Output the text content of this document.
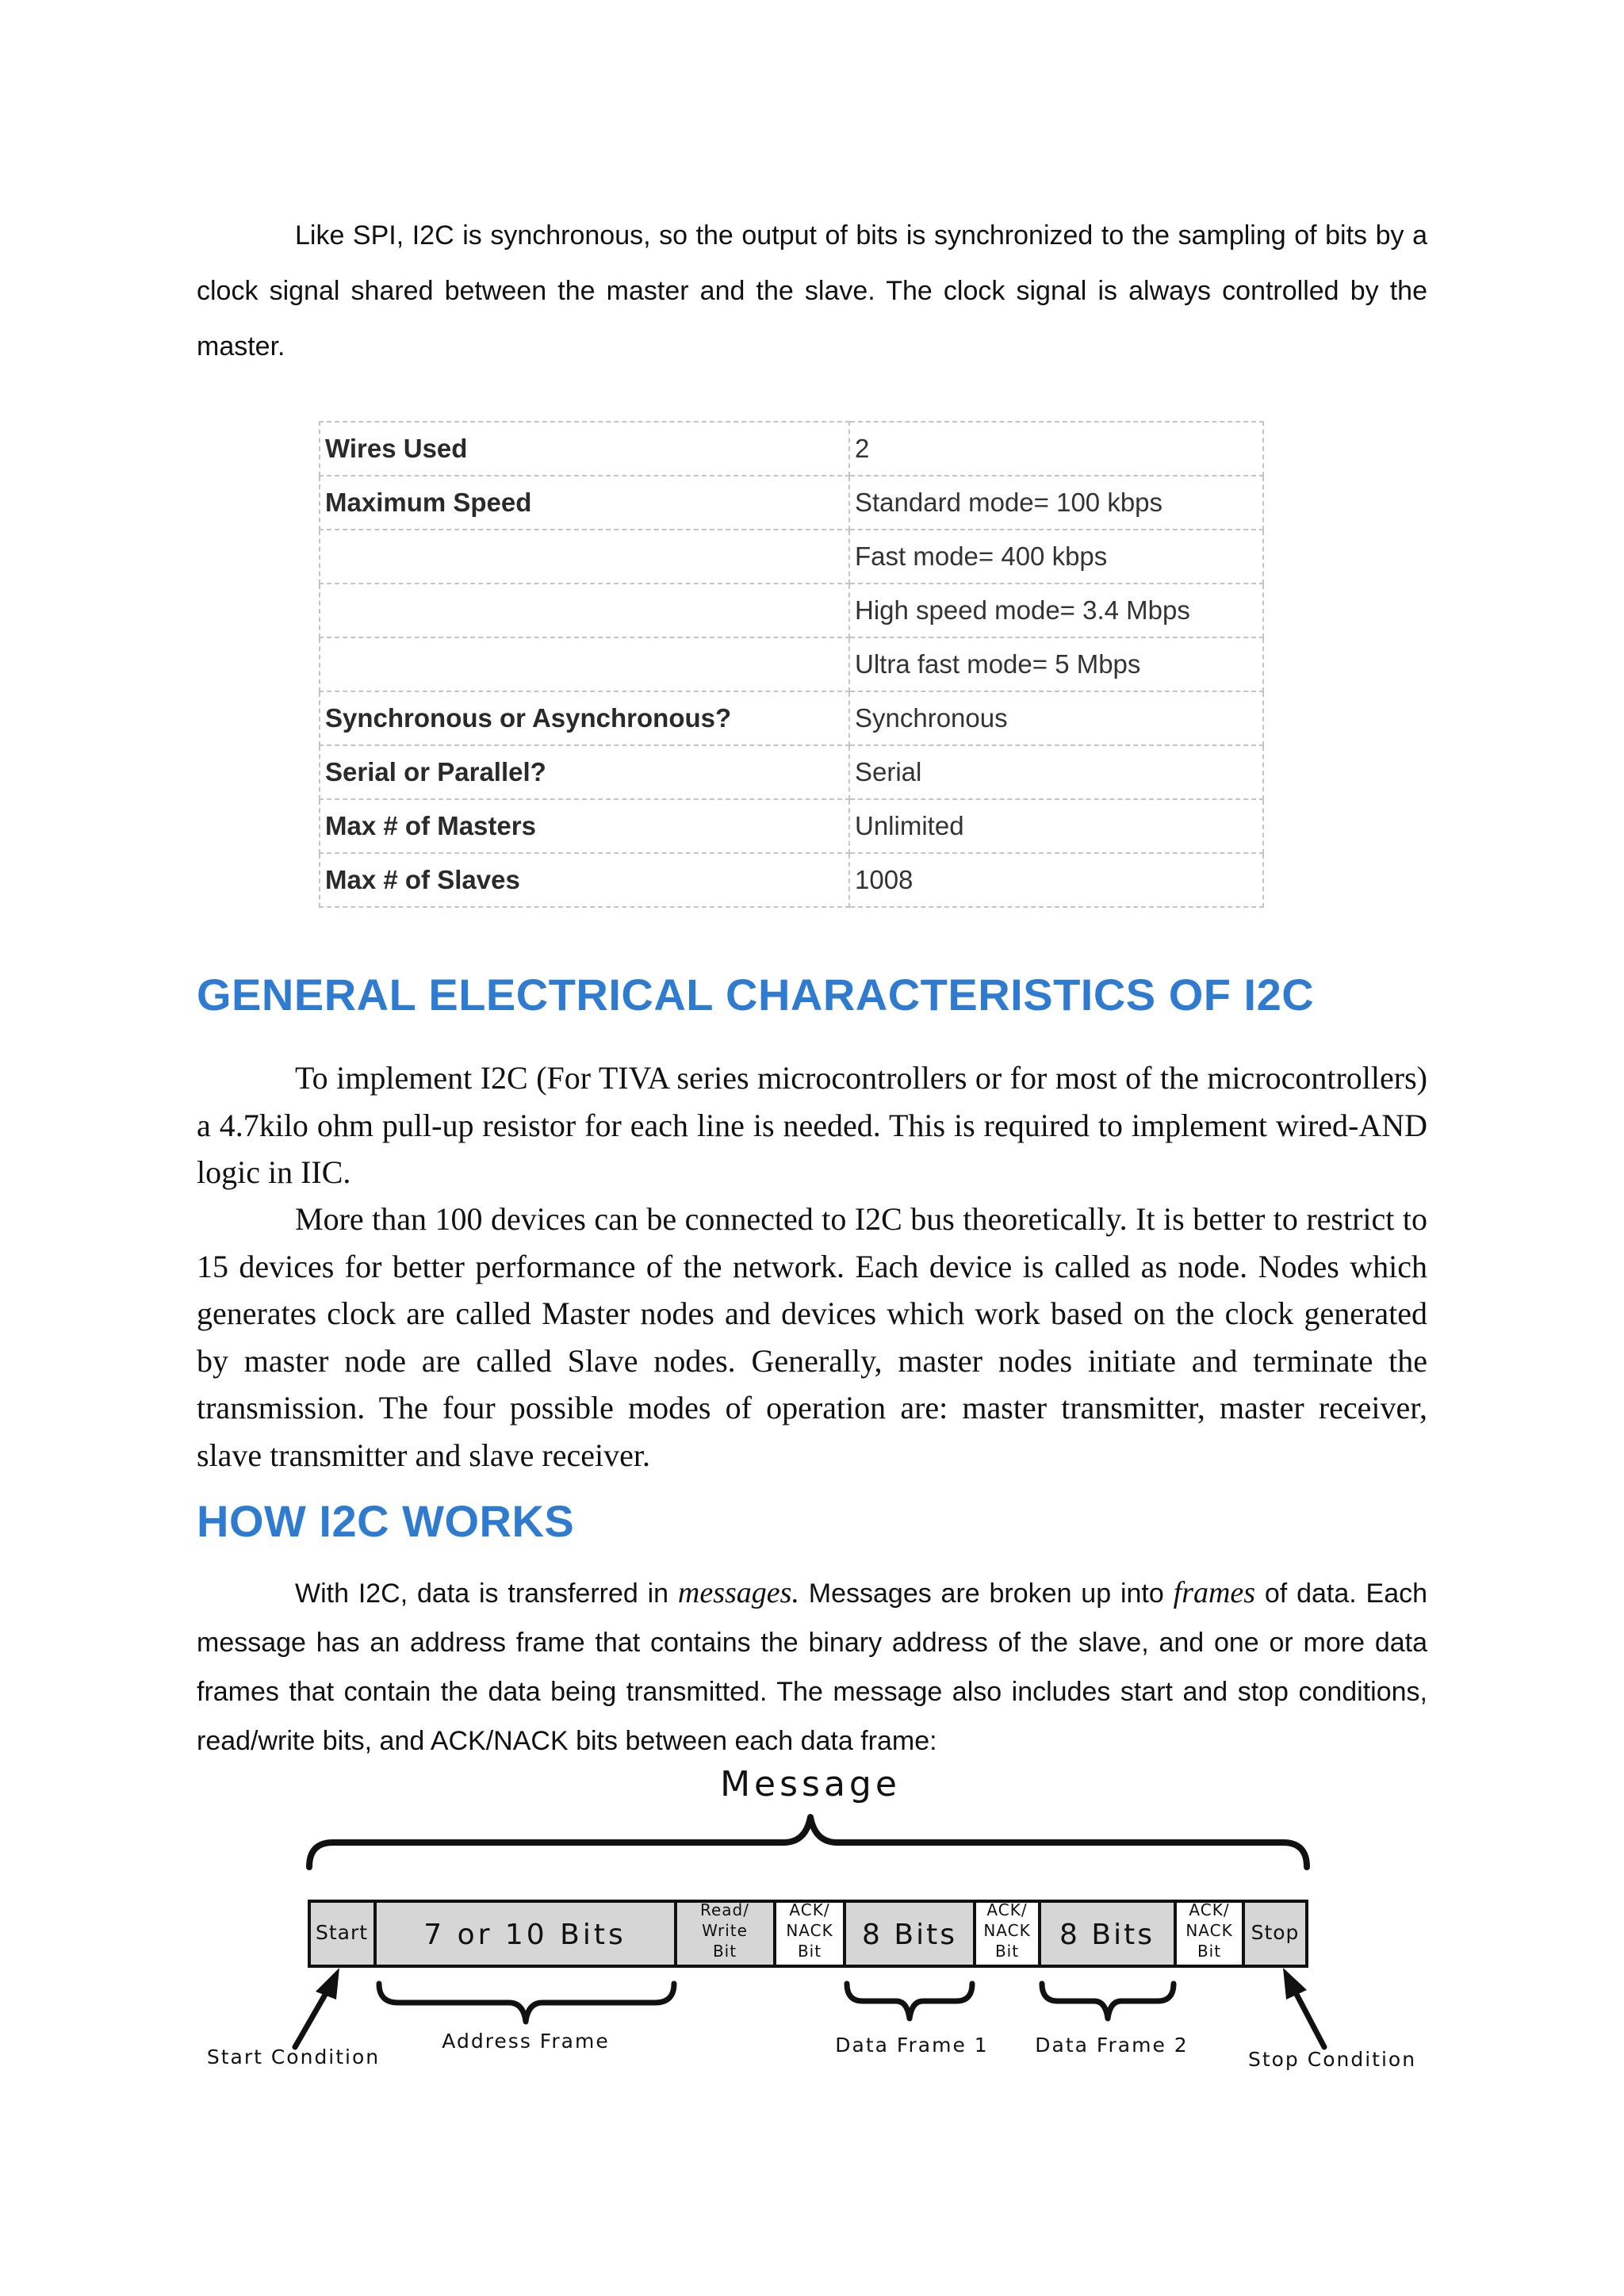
Like SPI, I2C is synchronous, so the output of bits is synchronized to the sampling of bits by a clock signal shared between the master and the slave. The clock signal is always controlled by the master.

Wires Used	2
Maximum Speed	Standard mode= 100 kbps
	Fast mode= 400 kbps
	High speed mode= 3.4 Mbps
	Ultra fast mode= 5 Mbps
Synchronous or Asynchronous?	Synchronous
Serial or Parallel?	Serial
Max # of Masters	Unlimited
Max # of Slaves	1008
GENERAL ELECTRICAL CHARACTERISTICS OF I2C

To implement I2C (For TIVA series microcontrollers or for most of the microcontrollers) a 4.7kilo ohm pull-up resistor for each line is needed. This is required to implement wired-AND logic in IIC.

More than 100 devices can be connected to I2C bus theoretically. It is better to restrict to 15 devices for better performance of the network. Each device is called as node. Nodes which generates clock are called Master nodes and devices which work based on the clock generated by master node are called Slave nodes. Generally, master nodes initiate and terminate the transmission. The four possible modes of operation are: master transmitter, master receiver, slave transmitter and slave receiver.

HOW I2C WORKS

With I2C, data is transferred in messages. Messages are broken up into frames of data. Each message has an address frame that contains the binary address of the slave, and one or more data frames that contain the data being transmitted. The message also includes start and stop conditions, read/write bits, and ACK/NACK bits between each data frame:

Message
Start 7 or 10 Bits
Read/
Write
Bit
ACK/
NACK
Bit 8 Bits
ACK/
NACK
Bit 8 Bits
ACK/
NACK
Bit
Stop
Start Condition
Address Frame	Data Frame 1 Data Frame 2
Stop Condition
